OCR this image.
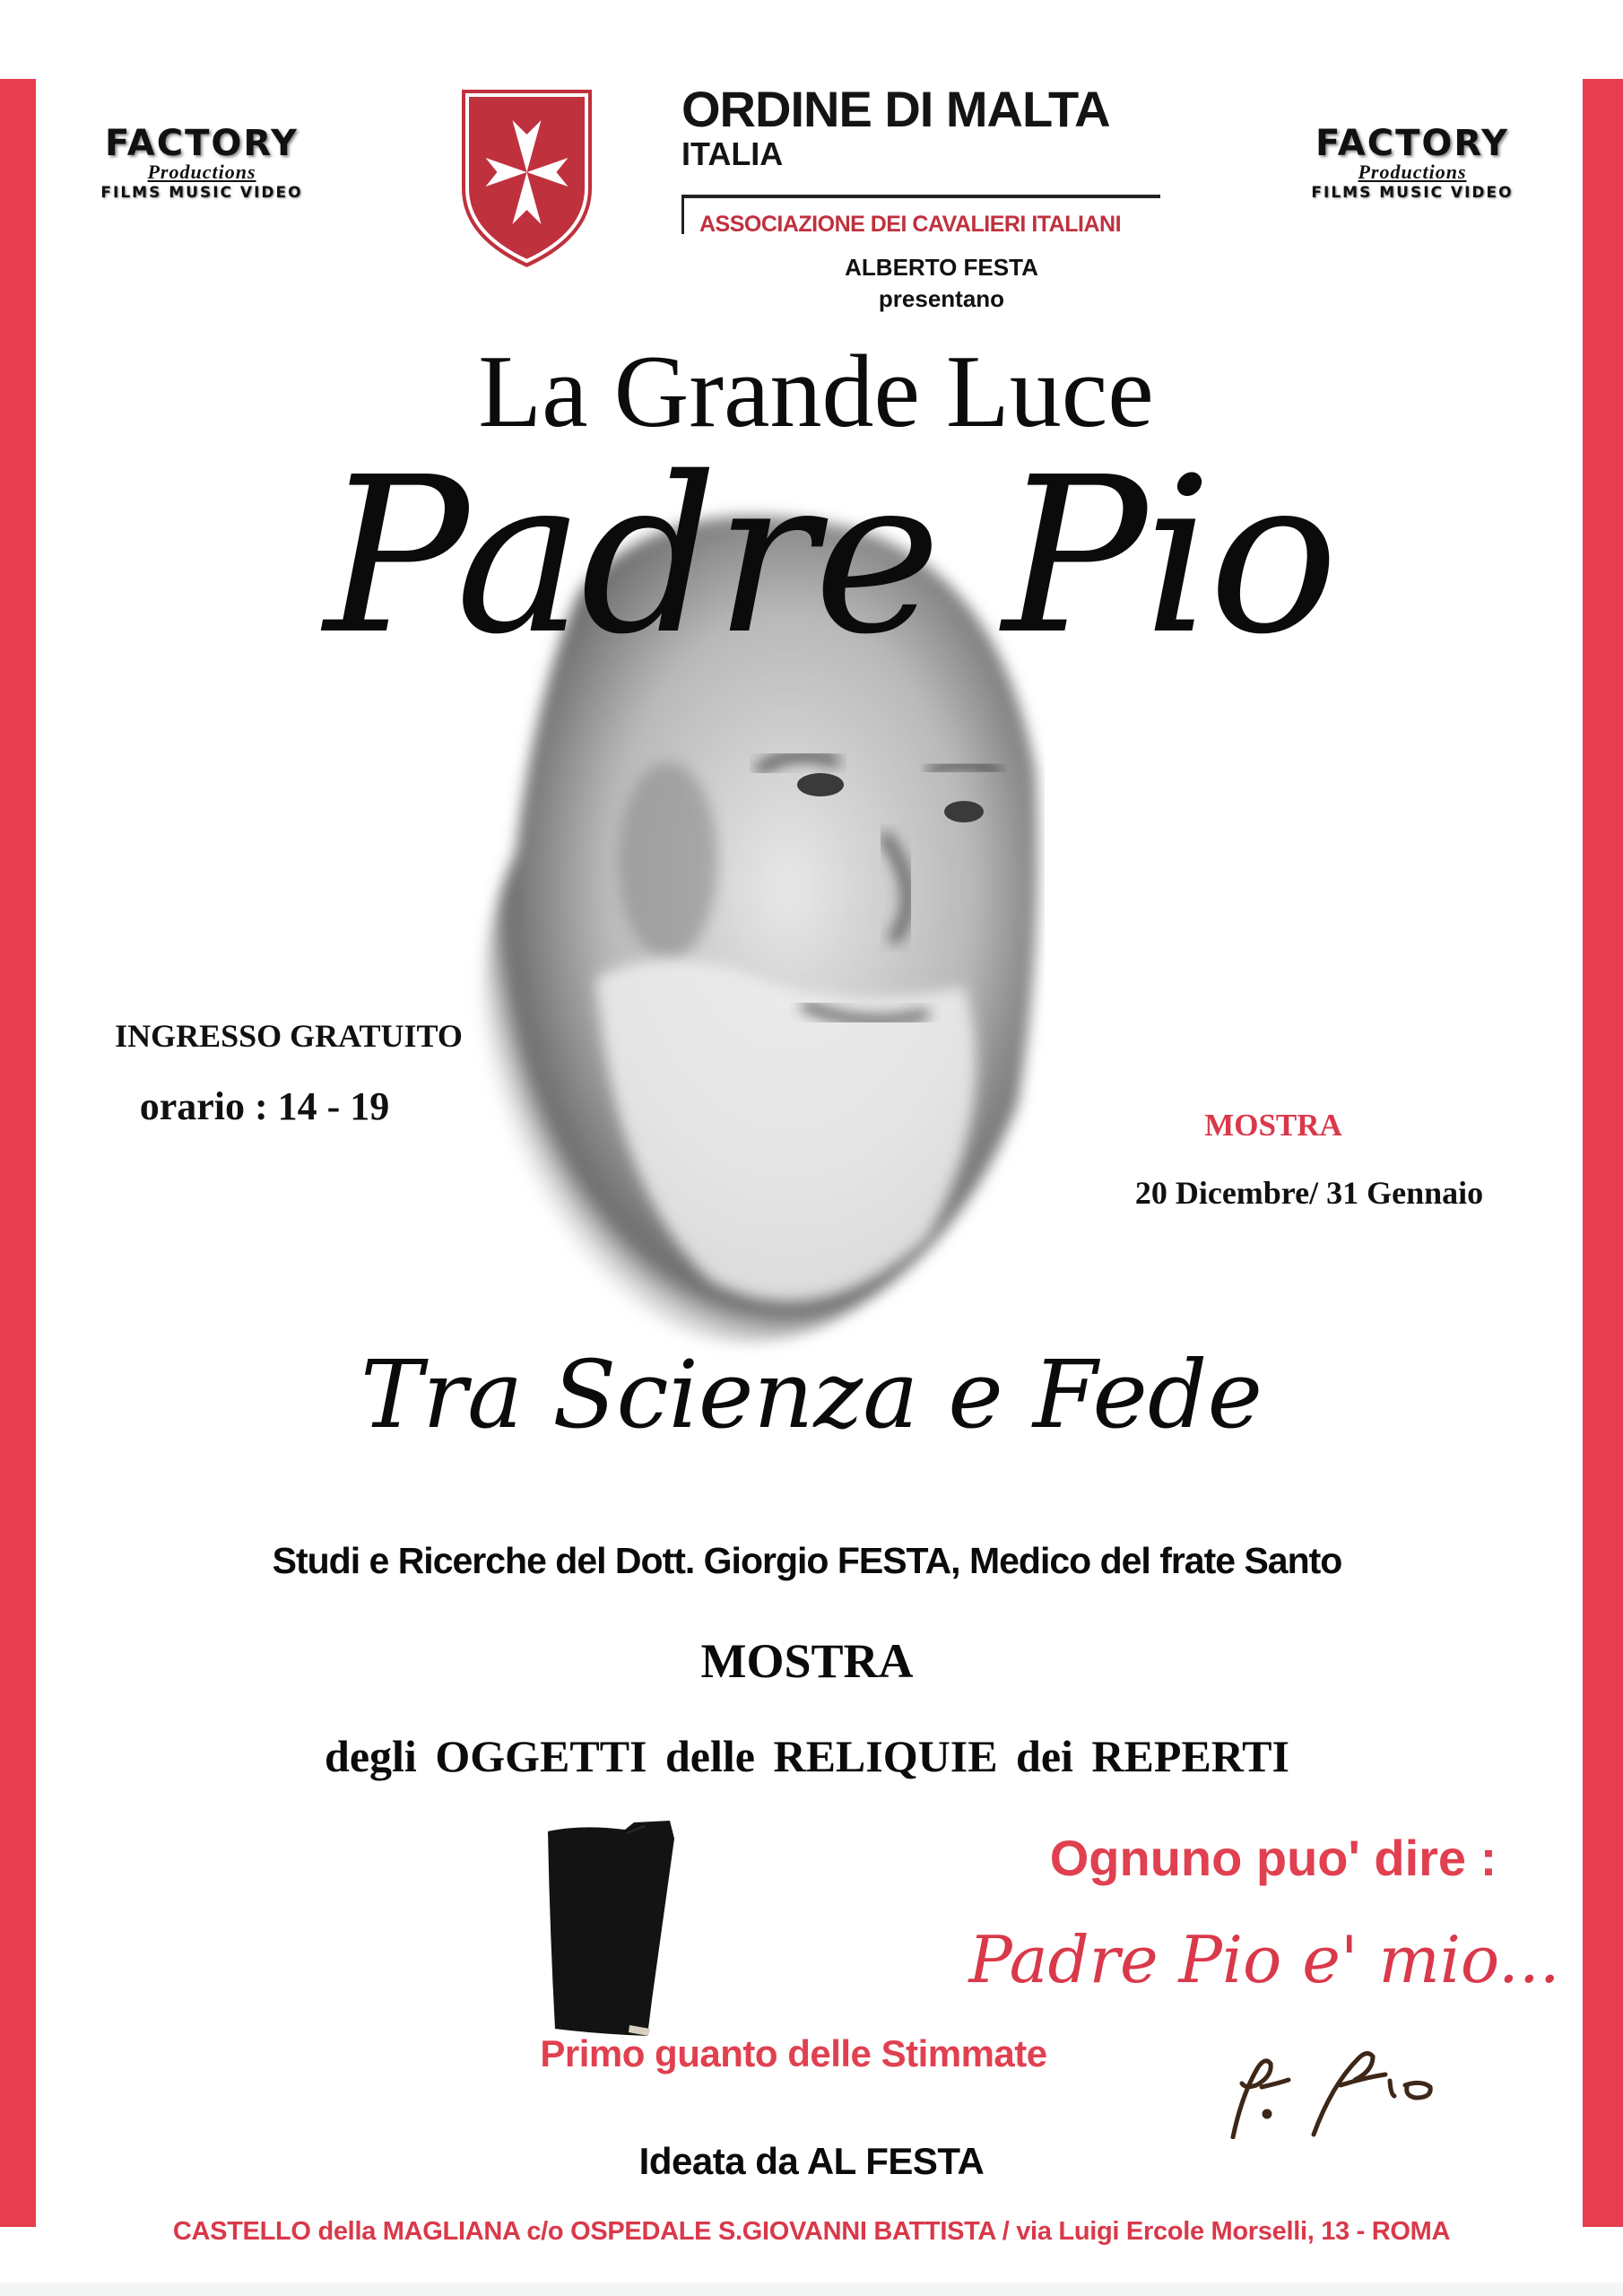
FACTORY
Productions
FILMS MUSIC VIDEO
FACTORY
Productions
FILMS MUSIC VIDEO
ORDINE DI MALTA
ITALIA
ASSOCIAZIONE DEI CAVALIERI ITALIANI
ALBERTO FESTA
presentano
La Grande Luce
Padre Pio
INGRESSO GRATUITO
orario : 14 - 19	MOSTRA
20 Dicembre/ 31 Gennaio
Tra Scienza e Fede
Studi e Ricerche del Dott. Giorgio FESTA, Medico del frate Santo
MOSTRA
degli OGGETTI delle RELIQUIE dei REPERTI
Ognuno puo' dire :
Padre Pio e' mio...
Primo guanto delle Stimmate
Ideata da AL FESTA
CASTELLO della MAGLIANA c/o OSPEDALE S.GIOVANNI BATTISTA / via Luigi Ercole Morselli, 13 - ROMA
